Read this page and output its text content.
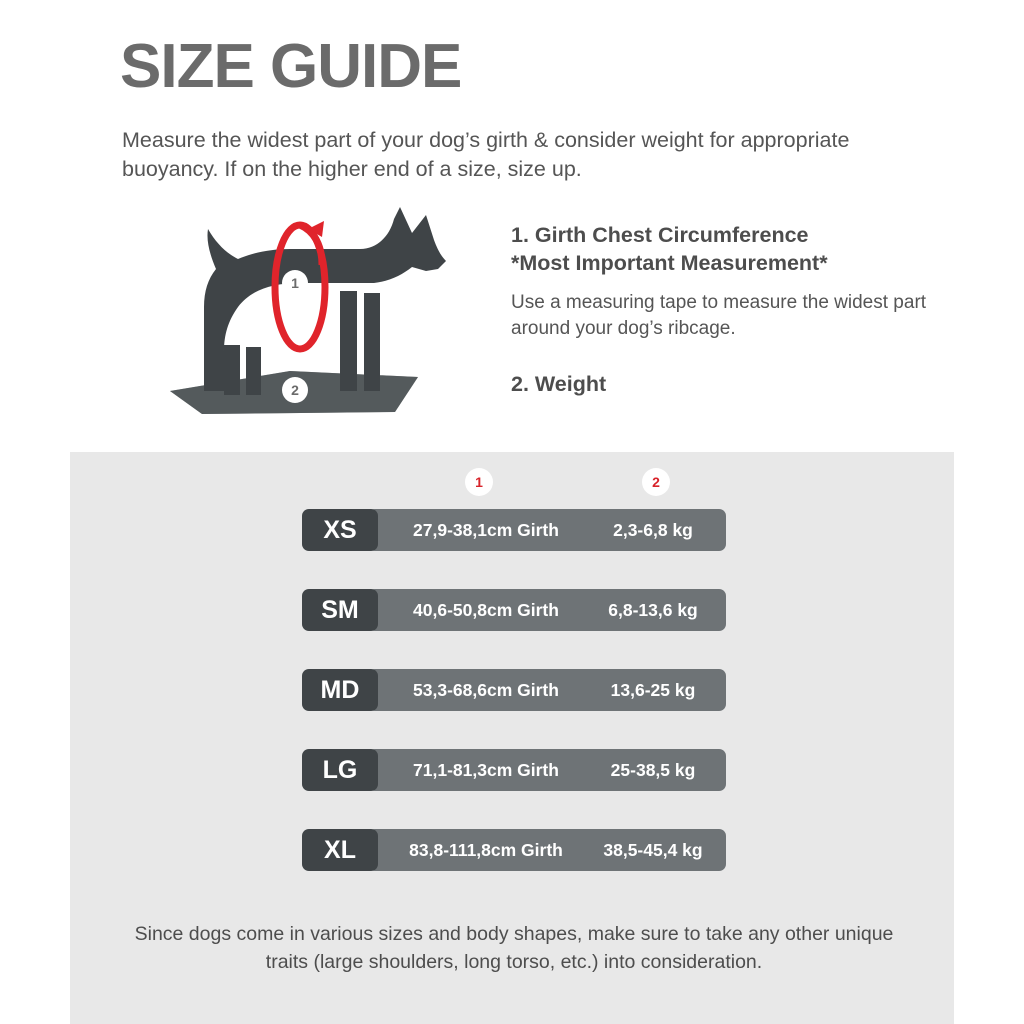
SIZE GUIDE
Measure the widest part of your dog’s girth & consider weight for appropriate buoyancy. If on the higher end of a size, size up.
1
2
1. Girth Chest Circumference
*Most Important Measurement*
Use a measuring tape to measure the widest part around your dog’s ribcage.
2. Weight
1	2
XS	27,9-38,1cm Girth	2,3-6,8 kg
SM	40,6-50,8cm Girth	6,8-13,6 kg
MD	53,3-68,6cm Girth	13,6-25 kg
LG	71,1-81,3cm Girth	25-38,5 kg
XL	83,8-111,8cm Girth	38,5-45,4 kg
Since dogs come in various sizes and body shapes, make sure to take any other unique traits (large shoulders, long torso, etc.) into consideration.
